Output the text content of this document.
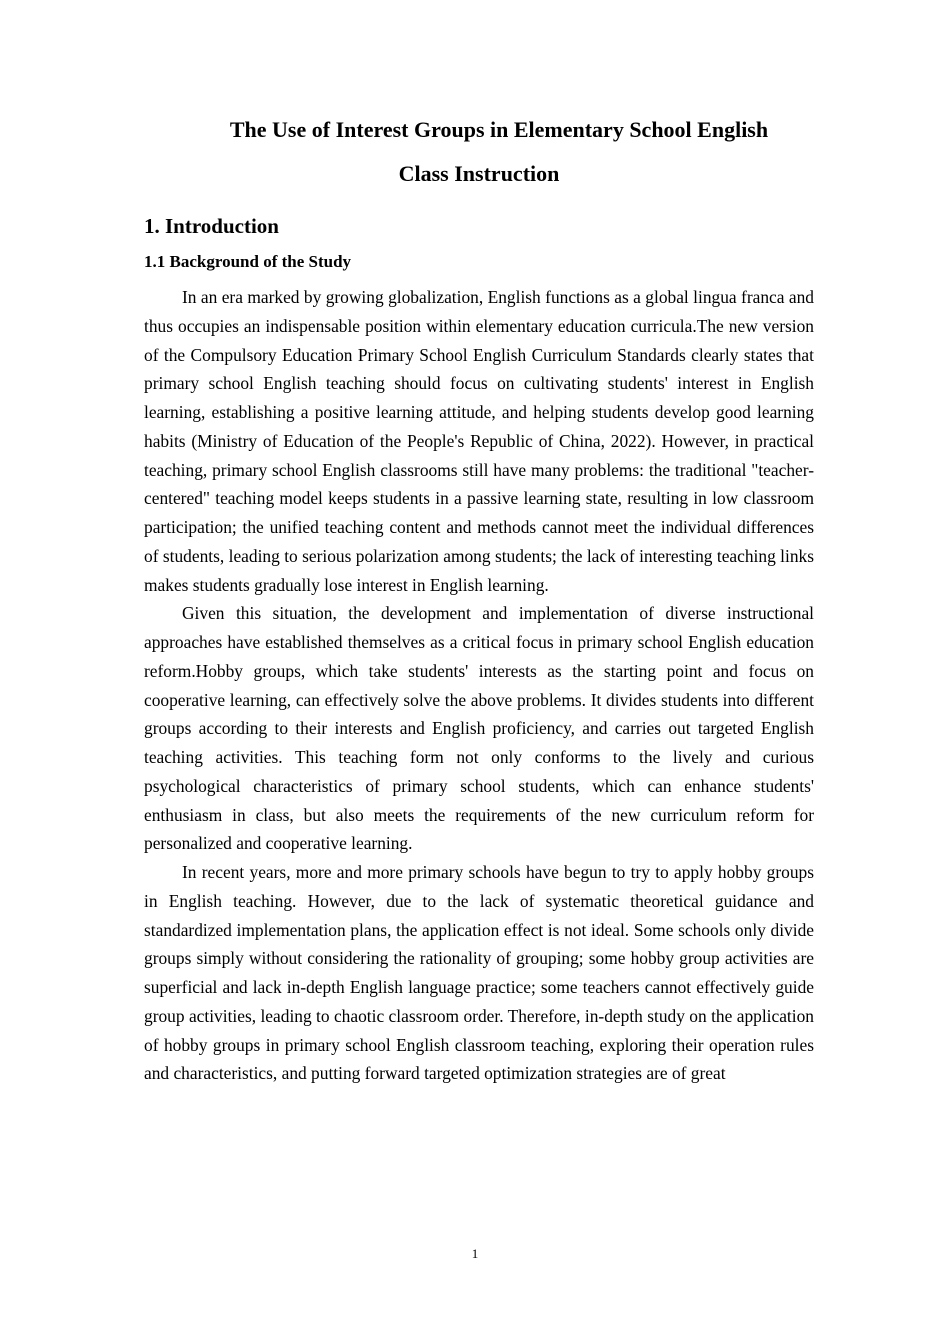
The Use of Interest Groups in Elementary School English
Class Instruction
1. Introduction
1.1 Background of the Study

In an era marked by growing globalization, English functions as a global lingua franca and thus occupies an indispensable position within elementary education curricula.The new version of the Compulsory Education Primary School English Curriculum Standards clearly states that primary school English teaching should focus on cultivating students' interest in English learning, establishing a positive learning attitude, and helping students develop good learning habits (Ministry of Education of the People's Republic of China, 2022). However, in practical teaching, primary school English classrooms still have many problems: the traditional "teacher-centered" teaching model keeps students in a passive learning state, resulting in low classroom participation; the unified teaching content and methods cannot meet the individual differences of students, leading to serious polarization among students; the lack of interesting teaching links makes students gradually lose interest in English learning.

Given this situation, the development and implementation of diverse instructional approaches have established themselves as a critical focus in primary school English education reform.Hobby groups, which take students' interests as the starting point and focus on cooperative learning, can effectively solve the above problems. It divides students into different groups according to their interests and English proficiency, and carries out targeted English teaching activities. This teaching form not only conforms to the lively and curious psychological characteristics of primary school students, which can enhance students' enthusiasm in class, but also meets the requirements of the new curriculum reform for personalized and cooperative learning.

In recent years, more and more primary schools have begun to try to apply hobby groups in English teaching. However, due to the lack of systematic theoretical guidance and standardized implementation plans, the application effect is not ideal. Some schools only divide groups simply without considering the rationality of grouping; some hobby group activities are superficial and lack in-depth English language practice; some teachers cannot effectively guide group activities, leading to chaotic classroom order. Therefore, in-depth study on the application of hobby groups in primary school English classroom teaching, exploring their operation rules and characteristics, and putting forward targeted optimization strategies are of great

1
